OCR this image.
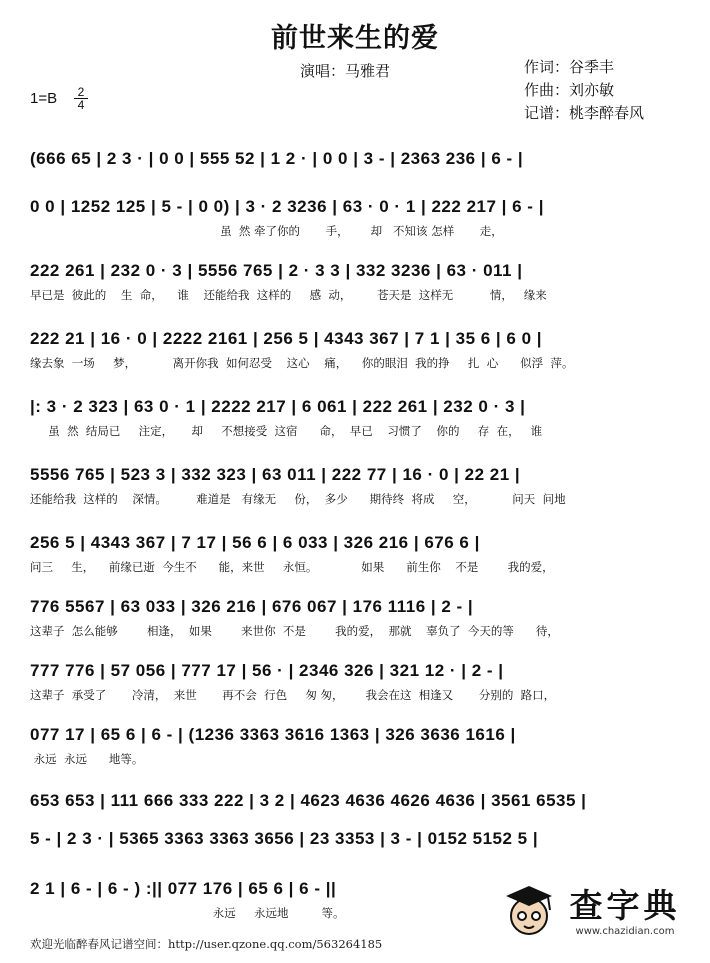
前世来生的爱
演唱：马雅君	作词：谷季丰
作曲：刘亦敏
记谱：桃李醉春风
1=B	2
4
(666 65 | 2 3 · | 0 0 | 555 52 | 1 2 · | 0 0 | 3 - | 2363 236 | 6 - |
0 0 | 1252 125 | 5 - | 0 0) | 3 · 2 3236 | 63 · 0 · 1 | 222 217 | 6 - |
虽  然 牵了你的       手，      却   不知该 怎样       走，
222 261 | 232 0 · 3 | 5556 765 | 2 · 3 3 | 332 3236 | 63 · 011 |
早已是  彼此的    生  命，    谁    还能给我  这样的     感  动，       苍天是  这样无          情，   缘来
222 21 | 16 · 0 | 2222 2161 | 256 5 | 4343 367 | 7 1 | 35 6 | 6 0 |
缘去象  一场     梦，          离开你我  如何忍受    这心    痛，    你的眼泪  我的挣     扎  心      似浮  萍。
|: 3 · 2 323 | 63 0 · 1 | 2222 217 | 6 061 | 222 261 | 232 0 · 3 |
虽  然  结局已     注定，     却     不想接受  这宿      命，  早已    习惯了    你的     存  在，   谁
5556 765 | 523 3 | 332 323 | 63 011 | 222 77 | 16 · 0 | 22 21 |
还能给我  这样的    深情。        难道是   有缘无     份，  多少      期待终  将成     空，          问天  问地
256 5 | 4343 367 | 7 17 | 56 6 | 6 033 | 326 216 | 676 6 |
问三     生，    前缘已逝  今生不      能，来世     永恒。            如果      前生你    不是        我的爱，
776 5567 | 63 033 | 326 216 | 676 067 | 176 1116 | 2 - |
这辈子  怎么能够        相逢，  如果        来世你  不是        我的爱，  那就    辜负了  今天的等      待，
777 776 | 57 056 | 777 17 | 56 · | 2346 326 | 321 12 · | 2 - |
这辈子  承受了       冷清，  来世       再不会  行色     匆 匆，      我会在这  相逢又       分别的  路口，
077 17 | 65 6 | 6 - | (1236 3363 3616 1363 | 326 3636 1616 |
永远  永远      地等。
653 653 | 111 666 333 222 | 3 2 | 4623 4636 4626 4636 | 3561 6535 |
5 - | 2 3 · | 5365 3363 3363 3656 | 23 3353 | 3 - | 0152 5152 5 |
2 1 | 6 - | 6 - ) :|| 077 176 | 65 6 | 6 - ||
永远     永远地         等。
欢迎光临醉春风记谱空间：http://user.qzone.qq.com/563264185
查字典
www.chazidian.com
